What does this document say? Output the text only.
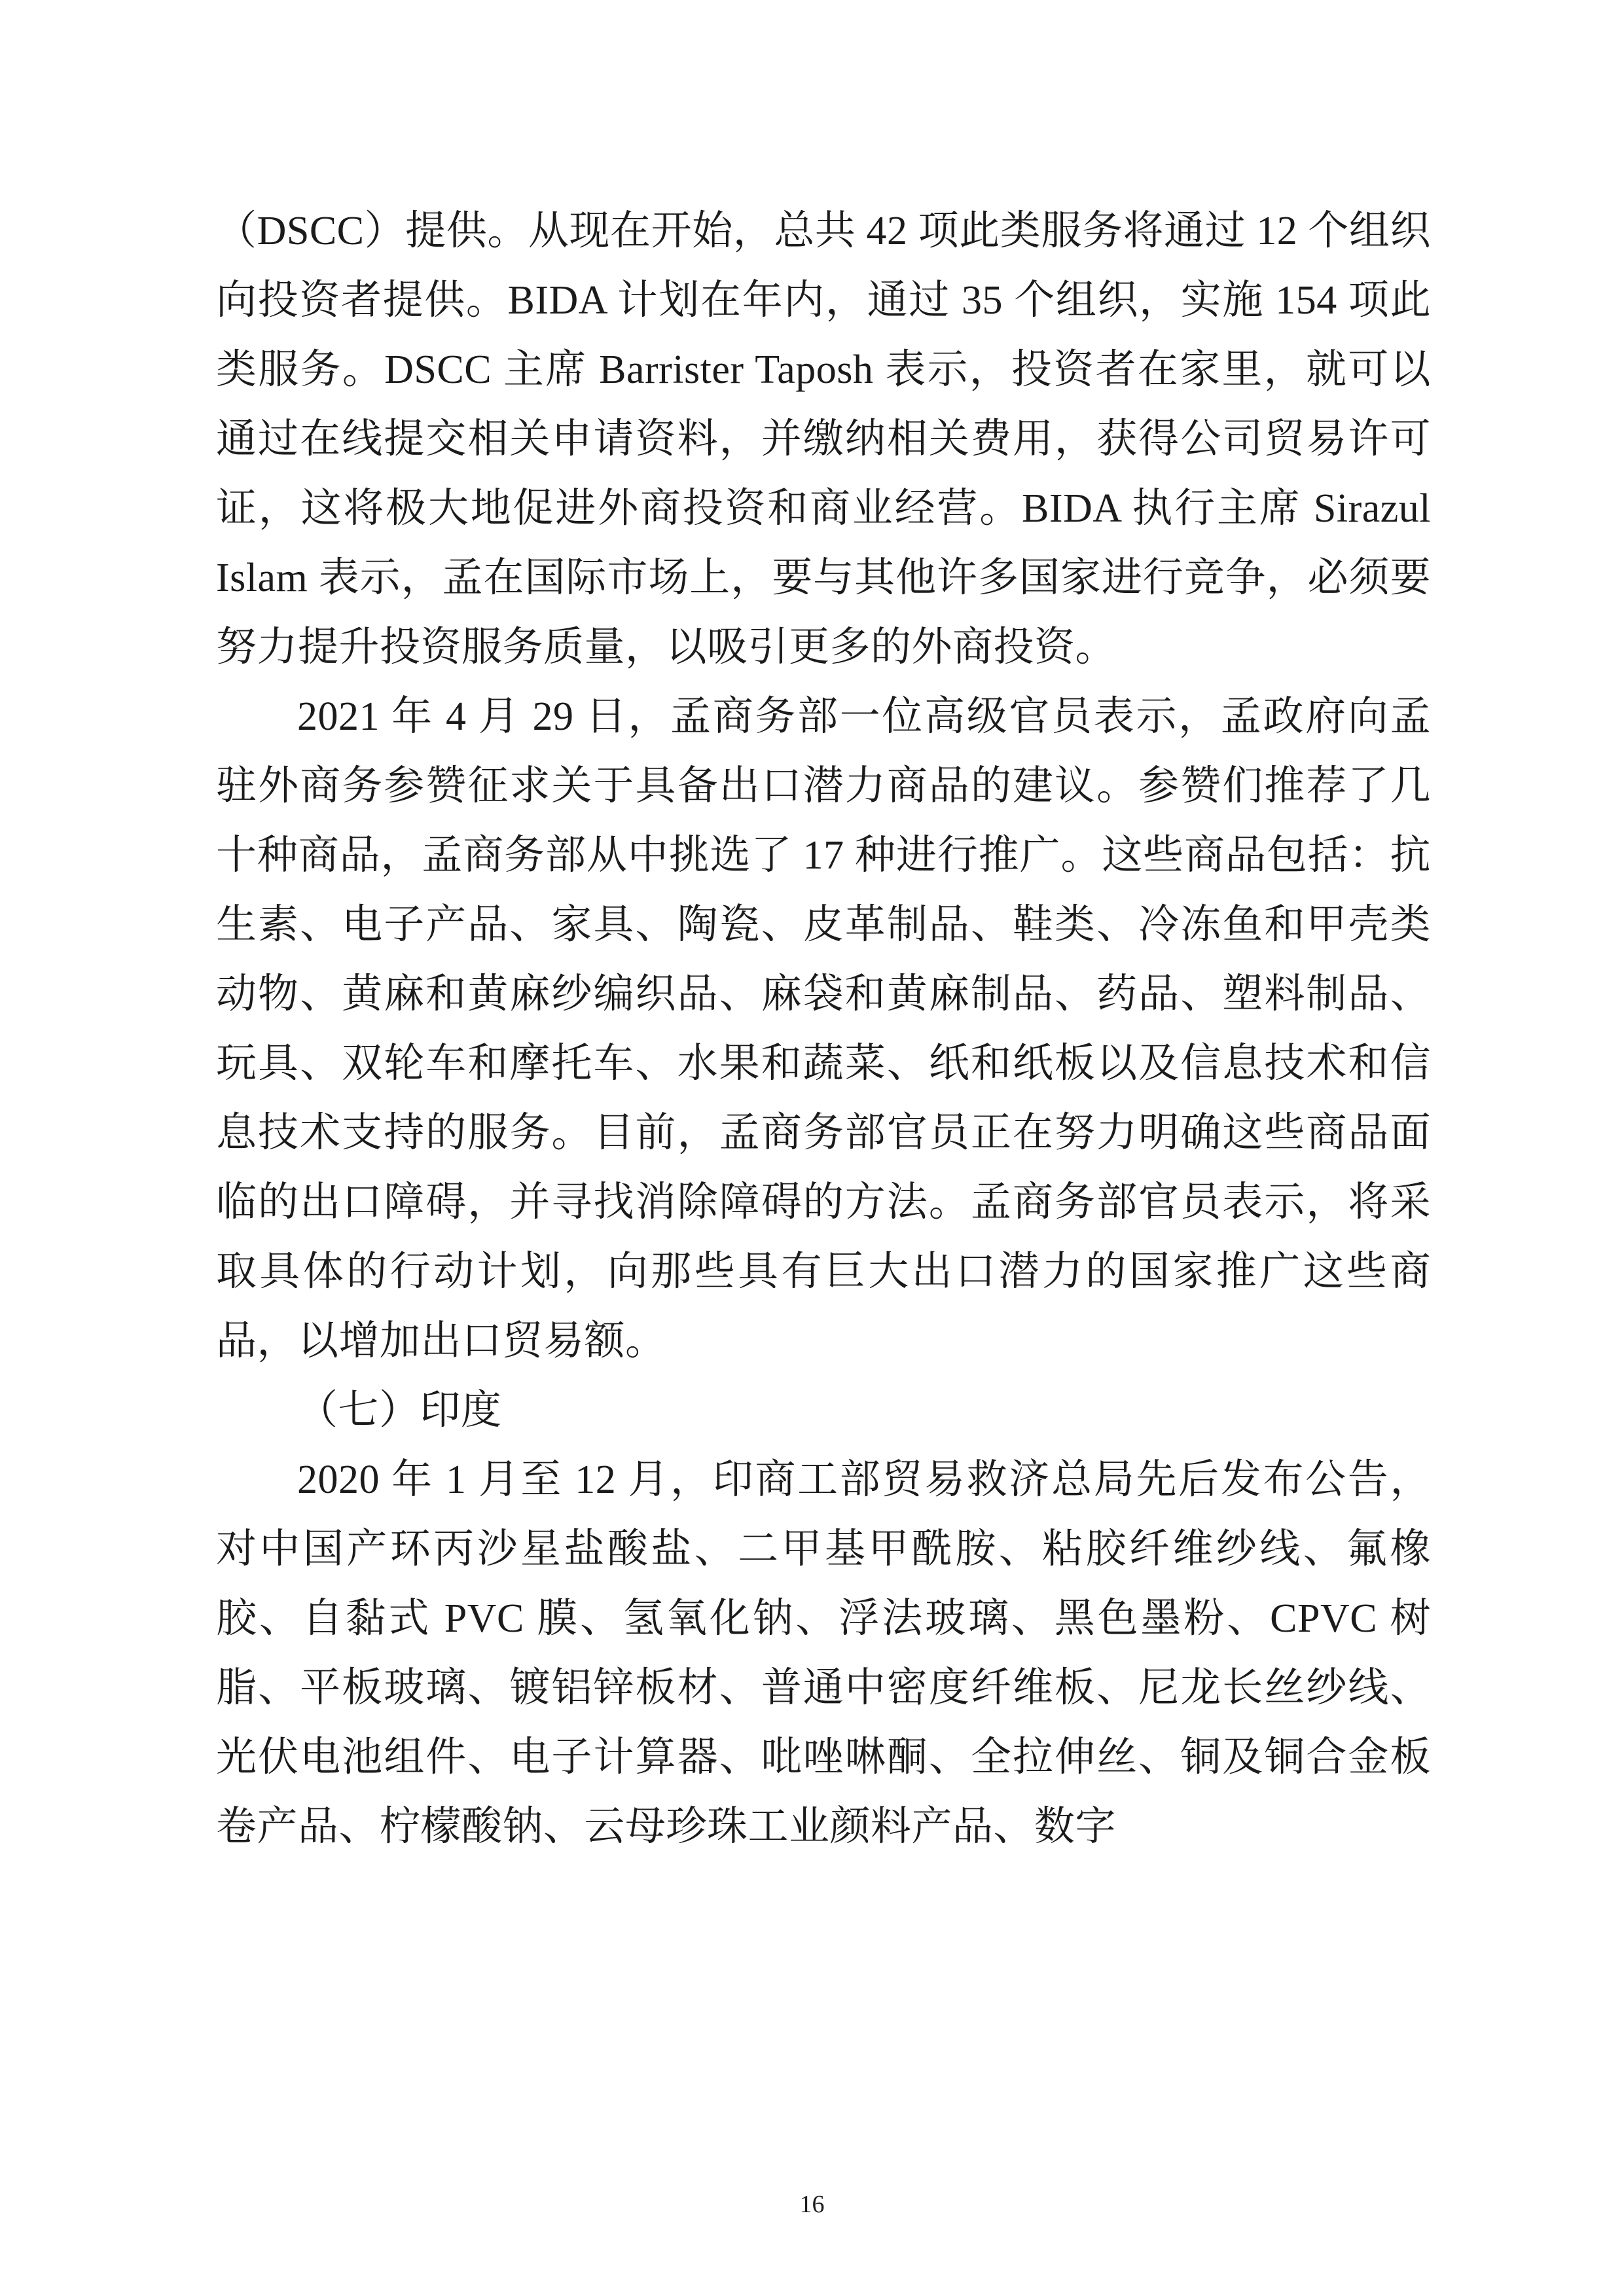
（DSCC）提供。从现在开始，总共 42 项此类服务将通过 12 个组织向投资者提供。BIDA 计划在年内，通过 35 个组织，实施 154 项此类服务。DSCC 主席 Barrister Taposh 表示，投资者在家里，就可以通过在线提交相关申请资料，并缴纳相关费用，获得公司贸易许可证，这将极大地促进外商投资和商业经营。BIDA 执行主席 Sirazul Islam 表示，孟在国际市场上，要与其他许多国家进行竞争，必须要努力提升投资服务质量，以吸引更多的外商投资。

2021 年 4 月 29 日，孟商务部一位高级官员表示，孟政府向孟驻外商务参赞征求关于具备出口潜力商品的建议。参赞们推荐了几十种商品，孟商务部从中挑选了 17 种进行推广。这些商品包括：抗生素、电子产品、家具、陶瓷、皮革制品、鞋类、冷冻鱼和甲壳类动物、黄麻和黄麻纱编织品、麻袋和黄麻制品、药品、塑料制品、玩具、双轮车和摩托车、水果和蔬菜、纸和纸板以及信息技术和信息技术支持的服务。目前，孟商务部官员正在努力明确这些商品面临的出口障碍，并寻找消除障碍的方法。孟商务部官员表示，将采取具体的行动计划，向那些具有巨大出口潜力的国家推广这些商品，以增加出口贸易额。

（七）印度

2020 年 1 月至 12 月，印商工部贸易救济总局先后发布公告，对中国产环丙沙星盐酸盐、二甲基甲酰胺、粘胶纤维纱线、氟橡胶、自黏式 PVC 膜、氢氧化钠、浮法玻璃、黑色墨粉、CPVC 树脂、平板玻璃、镀铝锌板材、普通中密度纤维板、尼龙长丝纱线、光伏电池组件、电子计算器、吡唑啉酮、全拉伸丝、铜及铜合金板卷产品、柠檬酸钠、云母珍珠工业颜料产品、数字

16
